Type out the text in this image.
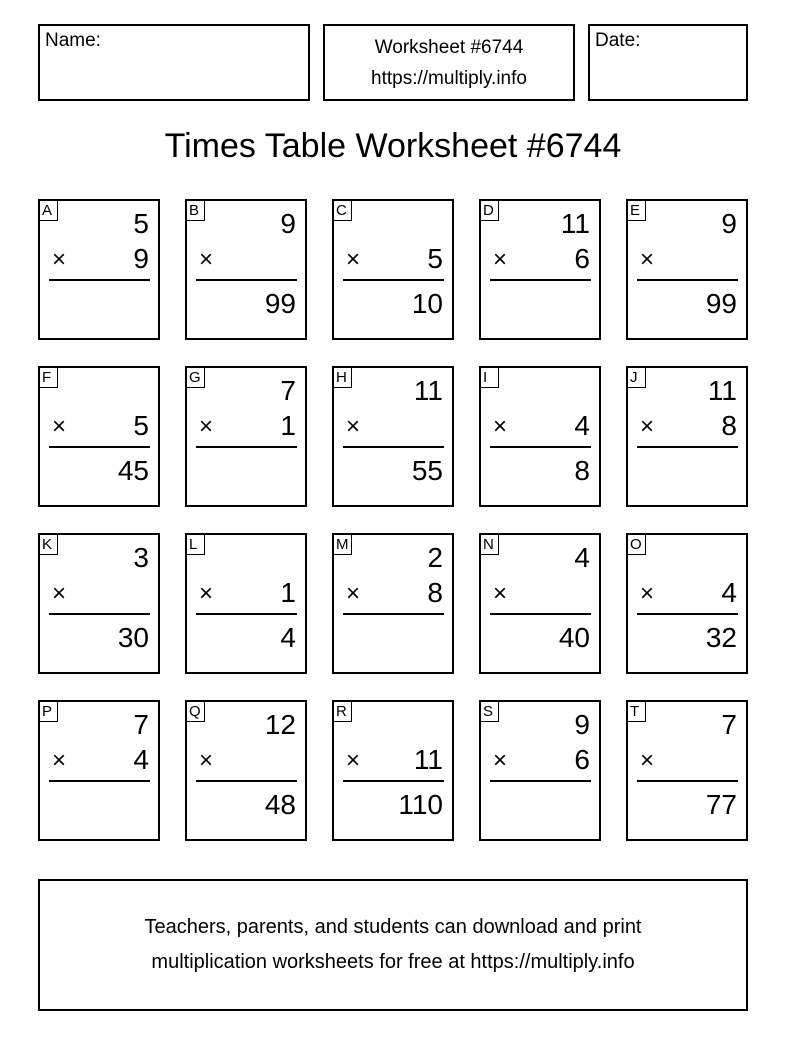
Name:	Worksheet #6744
https://multiply.info
Date:
Times Table Worksheet #6744
A	5
× 9
B	9
×
99
C
× 5
10
D 11
× 6
E	9
×
99
F
× 5
45
G	7
× 1
H 11
×
55
I
× 4
8
J	11
× 8
K	3
×
30
L
× 1
4
M	2
× 8
N	4
×
40
O
× 4
32
P	7
× 4
Q 12
×
48
R
× 11
110
S	9
× 6
T	7
×
77
Teachers, parents, and students can download and print
multiplication worksheets for free at https://multiply.info
